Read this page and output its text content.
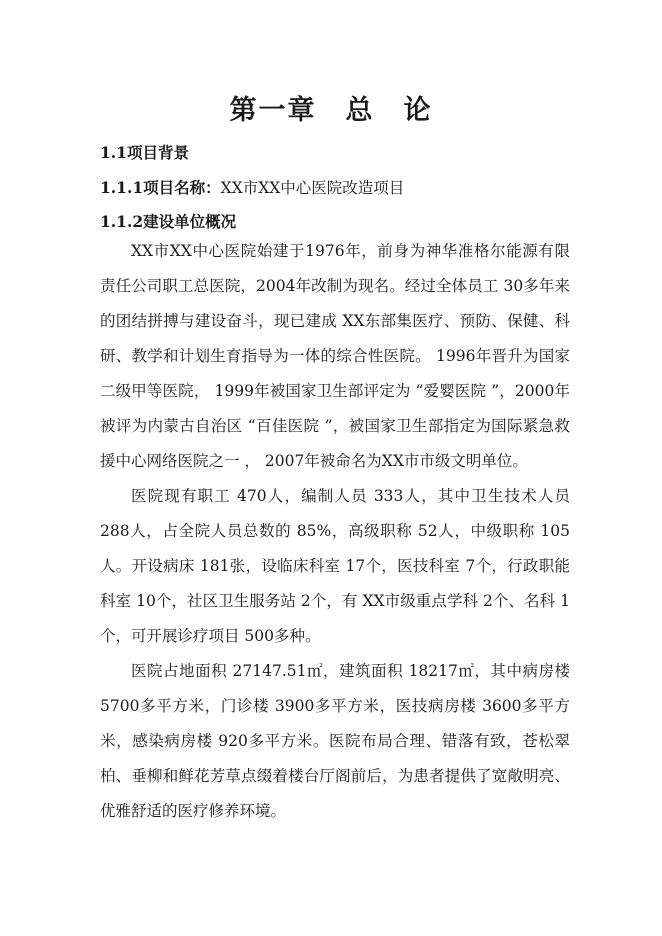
第一章　总　论
1.1项目背景
1.1.1项目名称：XX市XX中心医院改造项目
1.1.2建设单位概况

XX市XX中心医院始建于1976年，前身为神华准格尔能源有限责任公司职工总医院，2004年改制为现名。经过全体员工 30多年来的团结拼搏与建设奋斗，现已建成 XX东部集医疗、预防、保健、科研、教学和计划生育指导为一体的综合性医院。 1996年晋升为国家二级甲等医院， 1999年被国家卫生部评定为 “爱婴医院 ”，2000年被评为内蒙古自治区 “百佳医院 ”，被国家卫生部指定为国际紧急救援中心网络医院之一 ， 2007年被命名为XX市市级文明单位。

医院现有职工 470人，编制人员 333人，其中卫生技术人员 288人，占全院人员总数的 85%，高级职称 52人，中级职称 105人。开设病床 181张，设临床科室 17个，医技科室 7个，行政职能科室 10个，社区卫生服务站 2个，有 XX市级重点学科 2个、名科 1个，可开展诊疗项目 500多种。

医院占地面积 27147.51㎡，建筑面积 18217㎡，其中病房楼 5700多平方米，门诊楼 3900多平方米，医技病房楼 3600多平方米，感染病房楼 920多平方米。医院布局合理、错落有致，苍松翠柏、垂柳和鲜花芳草点缀着楼台厅阁前后，为患者提供了宽敞明亮、优雅舒适的医疗修养环境。
